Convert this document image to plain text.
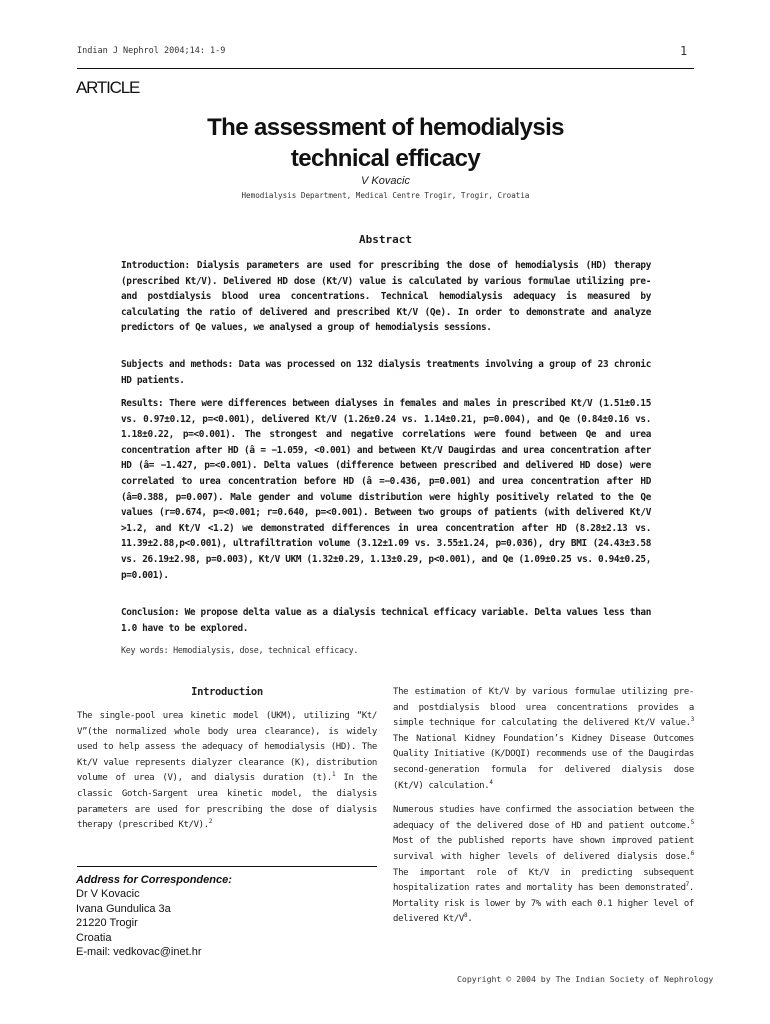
Indian J Nephrol 2004;14: 1-9	1
ARTICLE
The assessment of hemodialysis
technical efficacy
V Kovacic
Hemodialysis Department, Medical Centre Trogir, Trogir, Croatia
Abstract

Introduction: Dialysis parameters are used for prescribing the dose of hemodialysis (HD) therapy (prescribed Kt/V). Delivered HD dose (Kt/V) value is calculated by various formulae utilizing pre- and postdialysis blood urea concentrations. Technical hemodialysis adequacy is measured by calculating the ratio of delivered and prescribed Kt/V (Qe). In order to demonstrate and analyze predictors of Qe values, we analysed a group of hemodialysis sessions.

Subjects and methods: Data was processed on 132 dialysis treatments involving a group of 23 chronic HD patients.

Results: There were differences between dialyses in females and males in prescribed Kt/V (1.51±0.15 vs. 0.97±0.12, p=<0.001), delivered Kt/V (1.26±0.24 vs. 1.14±0.21, p=0.004), and Qe (0.84±0.16 vs. 1.18±0.22, p=<0.001). The strongest and negative correlations were found between Qe and urea concentration after HD (â = −1.059, <0.001) and between Kt/V Daugirdas and urea concentration after HD (â= −1.427, p=<0.001). Delta values (difference between prescribed and delivered HD dose) were correlated to urea concentration before HD (â =−0.436, p=0.001) and urea concentration after HD (â=0.388, p=0.007). Male gender and volume distribution were highly positively related to the Qe values (r=0.674, p=<0.001; r=0.640, p=<0.001). Between two groups of patients (with delivered Kt/V >1.2, and Kt/V <1.2) we demonstrated differences in urea concentration after HD (8.28±2.13 vs. 11.39±2.88,p<0.001), ultrafiltration volume (3.12±1.09 vs. 3.55±1.24, p=0.036), dry BMI (24.43±3.58 vs. 26.19±2.98, p=0.003), Kt/V UKM (1.32±0.29, 1.13±0.29, p<0.001), and Qe (1.09±0.25 vs. 0.94±0.25, p=0.001).

Conclusion: We propose delta value as a dialysis technical efficacy variable. Delta values less than 1.0 have to be explored.

Key words: Hemodialysis, dose, technical efficacy.
Introduction

The single-pool urea kinetic model (UKM), utilizing “Kt/ V”(the normalized whole body urea clearance), is widely used to help assess the adequacy of hemodialysis (HD). The Kt/V value represents dialyzer clearance (K), distribution volume of urea (V), and dialysis duration (t).$^1$ In the classic Gotch-Sargent urea kinetic model, the dialysis parameters are used for prescribing the dose of dialysis therapy (prescribed Kt/V).$^2$

The estimation of Kt/V by various formulae utilizing pre- and postdialysis blood urea concentrations provides a simple technique for calculating the delivered Kt/V value.$^3$ The National Kidney Foundation’s Kidney Disease Outcomes Quality Initiative (K/DOQI) recommends use of the Daugirdas second-generation formula for delivered dialysis dose (Kt/V) calculation.$^4$

Numerous studies have confirmed the association between the adequacy of the delivered dose of HD and patient outcome.$^5$ Most of the published reports have shown improved patient survival with higher levels of delivered dialysis dose.$^6$ The important role of Kt/V in predicting subsequent hospitalization rates and mortality has been demonstrated$^7$. Mortality risk is lower by 7% with each 0.1 higher level of delivered $Kt/V^8$.

Address for Correspondence:
Dr V Kovacic
Ivana Gundulica 3a
21220 Trogir
Croatia
E-mail: vedkovac@inet.hr
Copyright © 2004 by The Indian Society of Nephrology
